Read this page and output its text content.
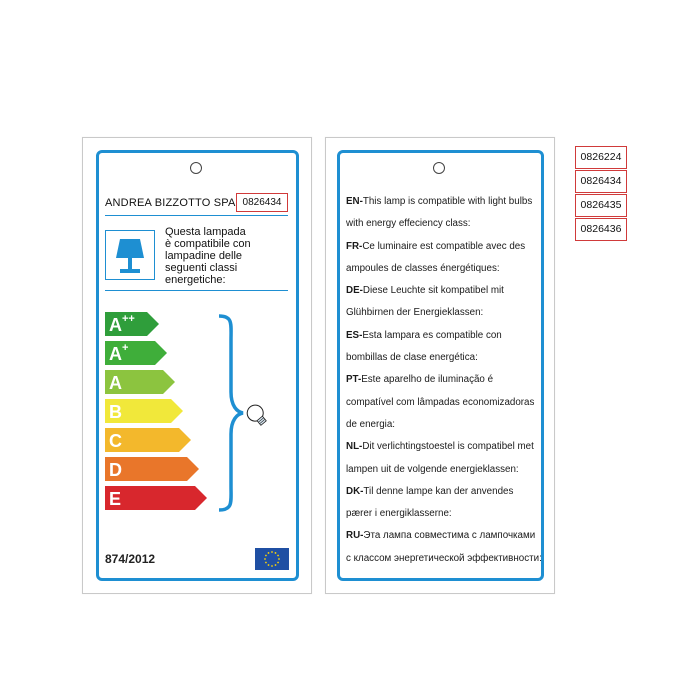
ANDREA BIZZOTTO SPA 0826434
Questa lampada
è compatibile con
lampadine delle
seguenti classi
energetiche:
A ++
A +
A
B
C
D
E
874/2012
EN-This lamp is compatible with light bulbs
with energy effeciency class:
FR-Ce luminaire est compatible avec des
ampoules de classes énergétiques:
DE-Diese Leuchte sit kompatibel mit
Glühbirnen der Energieklassen:
ES-Esta lampara es compatible con
bombillas de clase energética:
PT-Este aparelho de iluminação é
compatível com lâmpadas economizadoras
de energia:
NL-Dit verlichtingstoestel is compatibel met
lampen uit de volgende energieklassen:
DK-Til denne lampe kan der anvendes
pærer i energiklasserne:
RU-Эта лампа совместима с лампочками
с классом энергетической эффективности:
0826224
0826434
0826435
0826436
